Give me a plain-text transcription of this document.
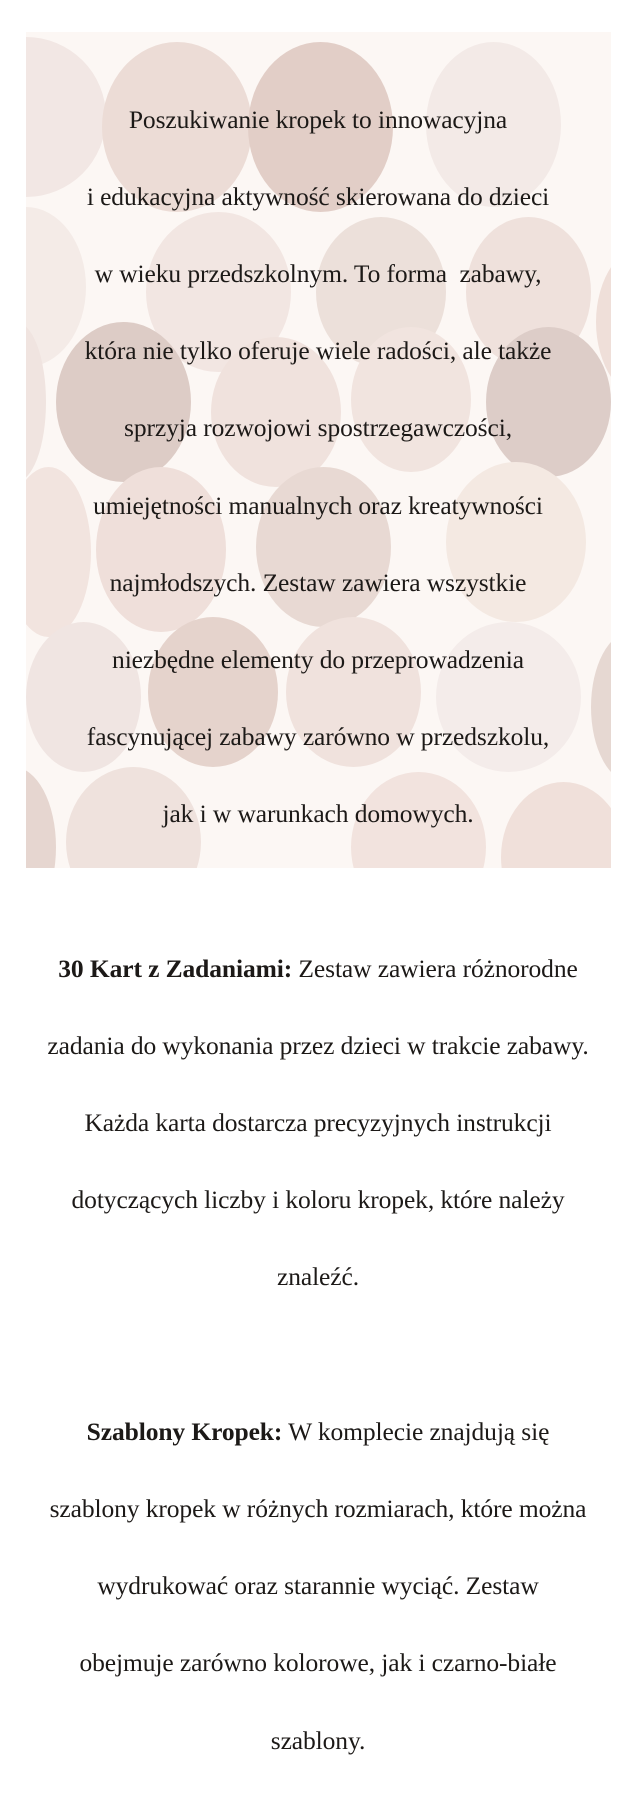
Poszukiwanie kropek to innowacyjna

i edukacyjna aktywność skierowana do dzieci

w wieku przedszkolnym. To forma  zabawy,

która nie tylko oferuje wiele radości, ale także

sprzyja rozwojowi spostrzegawczości,

umiejętności manualnych oraz kreatywności

najmłodszych. Zestaw zawiera wszystkie

niezbędne elementy do przeprowadzenia

fascynującej zabawy zarówno w przedszkolu,

jak i w warunkach domowych.

30 Kart z Zadaniami: Zestaw zawiera różnorodne

zadania do wykonania przez dzieci w trakcie zabawy.

Każda karta dostarcza precyzyjnych instrukcji

dotyczących liczby i koloru kropek, które należy

znaleźć.

Szablony Kropek: W komplecie znajdują się

szablony kropek w różnych rozmiarach, które można

wydrukować oraz starannie wyciąć. Zestaw

obejmuje zarówno kolorowe, jak i czarno-białe

szablony.
